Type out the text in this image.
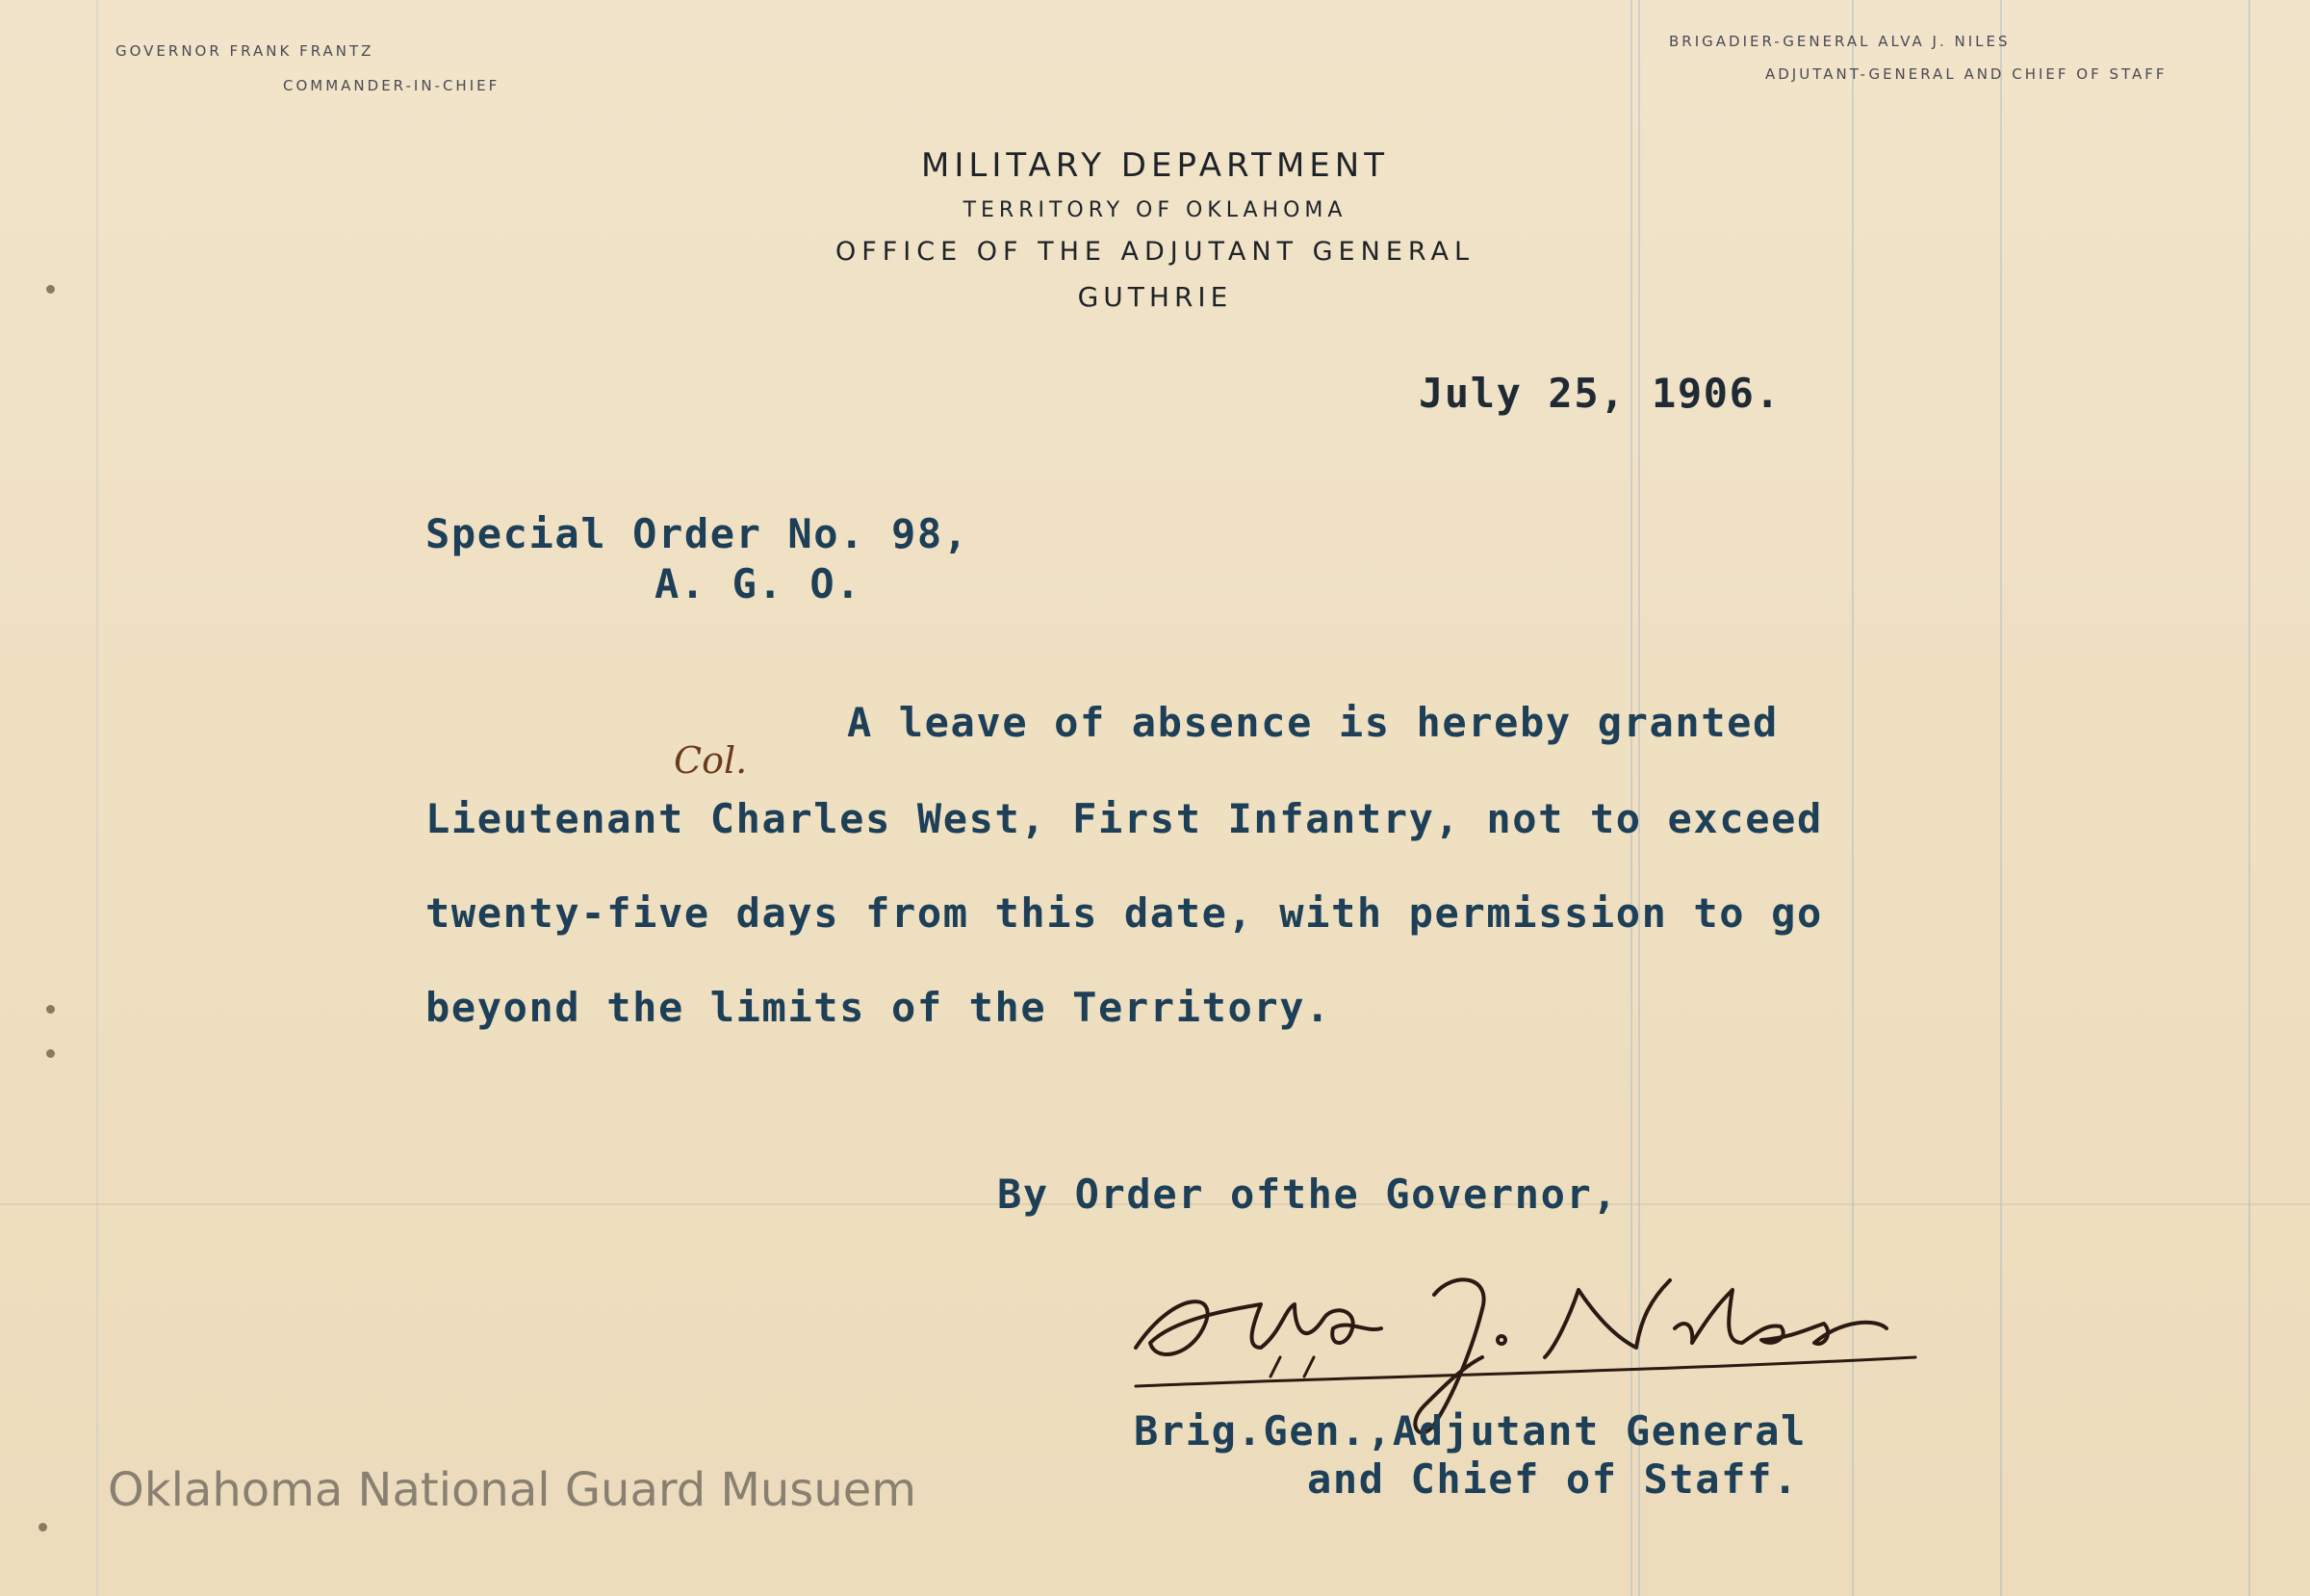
GOVERNOR FRANK FRANTZ
COMMANDER-IN-CHIEF
BRIGADIER-GENERAL ALVA J. NILES
ADJUTANT-GENERAL AND CHIEF OF STAFF
MILITARY DEPARTMENT
TERRITORY OF OKLAHOMA
OFFICE OF THE ADJUTANT GENERAL
GUTHRIE
July 25, 1906.
Special Order No. 98,
A. G. O.
A leave of absence is hereby granted
Col.
Lieutenant Charles West, First Infantry, not to exceed
twenty-five days from this date, with permission to go
beyond the limits of the Territory.
By Order ofthe Governor,
Brig.Gen.,Adjutant General
and Chief of Staff.
Oklahoma National Guard Musuem
